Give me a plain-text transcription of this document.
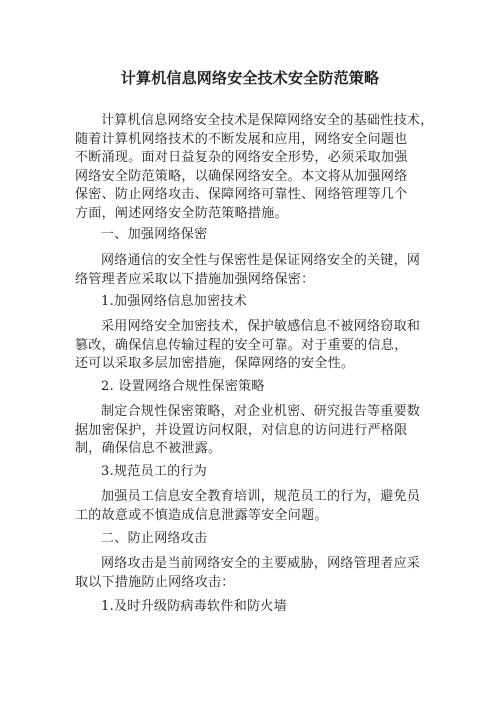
计算机信息网络安全技术安全防范策略

计算机信息网络安全技术是保障网络安全的基础性技术，
随着计算机网络技术的不断发展和应用，网络安全问题也
不断涌现。面对日益复杂的网络安全形势，必须采取加强
网络安全防范策略，以确保网络安全。本文将从加强网络
保密、防止网络攻击、保障网络可靠性、网络管理等几个
方面，阐述网络安全防范策略措施。

一、加强网络保密

网络通信的安全性与保密性是保证网络安全的关键，网
络管理者应采取以下措施加强网络保密：

1.加强网络信息加密技术

采用网络安全加密技术，保护敏感信息不被网络窃取和
篡改，确保信息传输过程的安全可靠。对于重要的信息，
还可以采取多层加密措施，保障网络的安全性。

2. 设置网络合规性保密策略

制定合规性保密策略，对企业机密、研究报告等重要数
据加密保护，并设置访问权限，对信息的访问进行严格限
制，确保信息不被泄露。

3.规范员工的行为

加强员工信息安全教育培训，规范员工的行为，避免员
工的故意或不慎造成信息泄露等安全问题。

二、防止网络攻击

网络攻击是当前网络安全的主要威胁，网络管理者应采
取以下措施防止网络攻击：

1.及时升级防病毒软件和防火墙
